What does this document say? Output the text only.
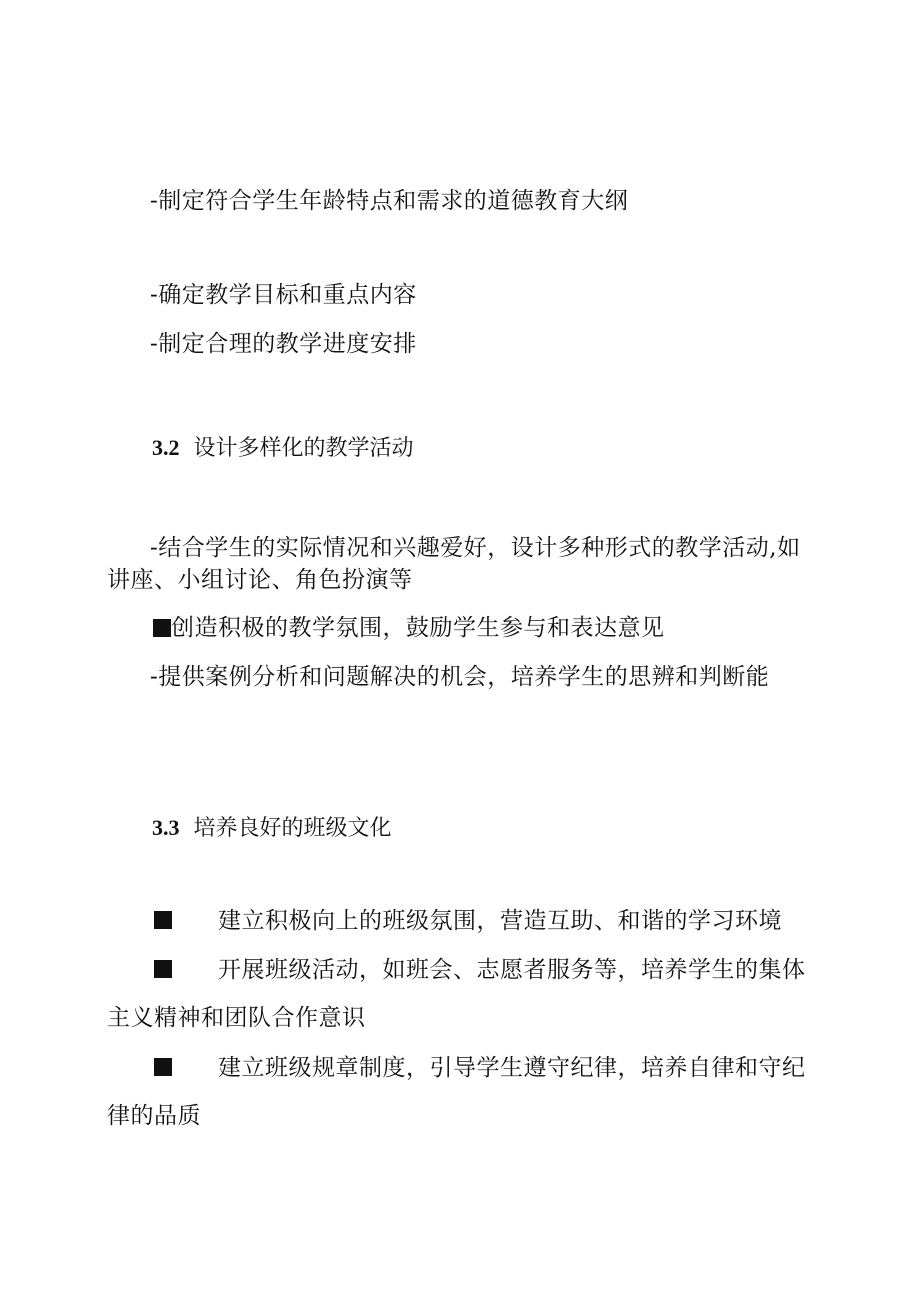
-制定符合学生年龄特点和需求的道德教育大纲
-确定教学目标和重点内容
-制定合理的教学进度安排
3.2 设计多样化的教学活动
-结合学生的实际情况和兴趣爱好，设计多种形式的教学活动,如
讲座、小组讨论、角色扮演等
创造积极的教学氛围，鼓励学生参与和表达意见
-提供案例分析和问题解决的机会，培养学生的思辨和判断能
3.3 培养良好的班级文化
建立积极向上的班级氛围，营造互助、和谐的学习环境
开展班级活动，如班会、志愿者服务等，培养学生的集体
主义精神和团队合作意识
建立班级规章制度，引导学生遵守纪律，培养自律和守纪
律的品质
